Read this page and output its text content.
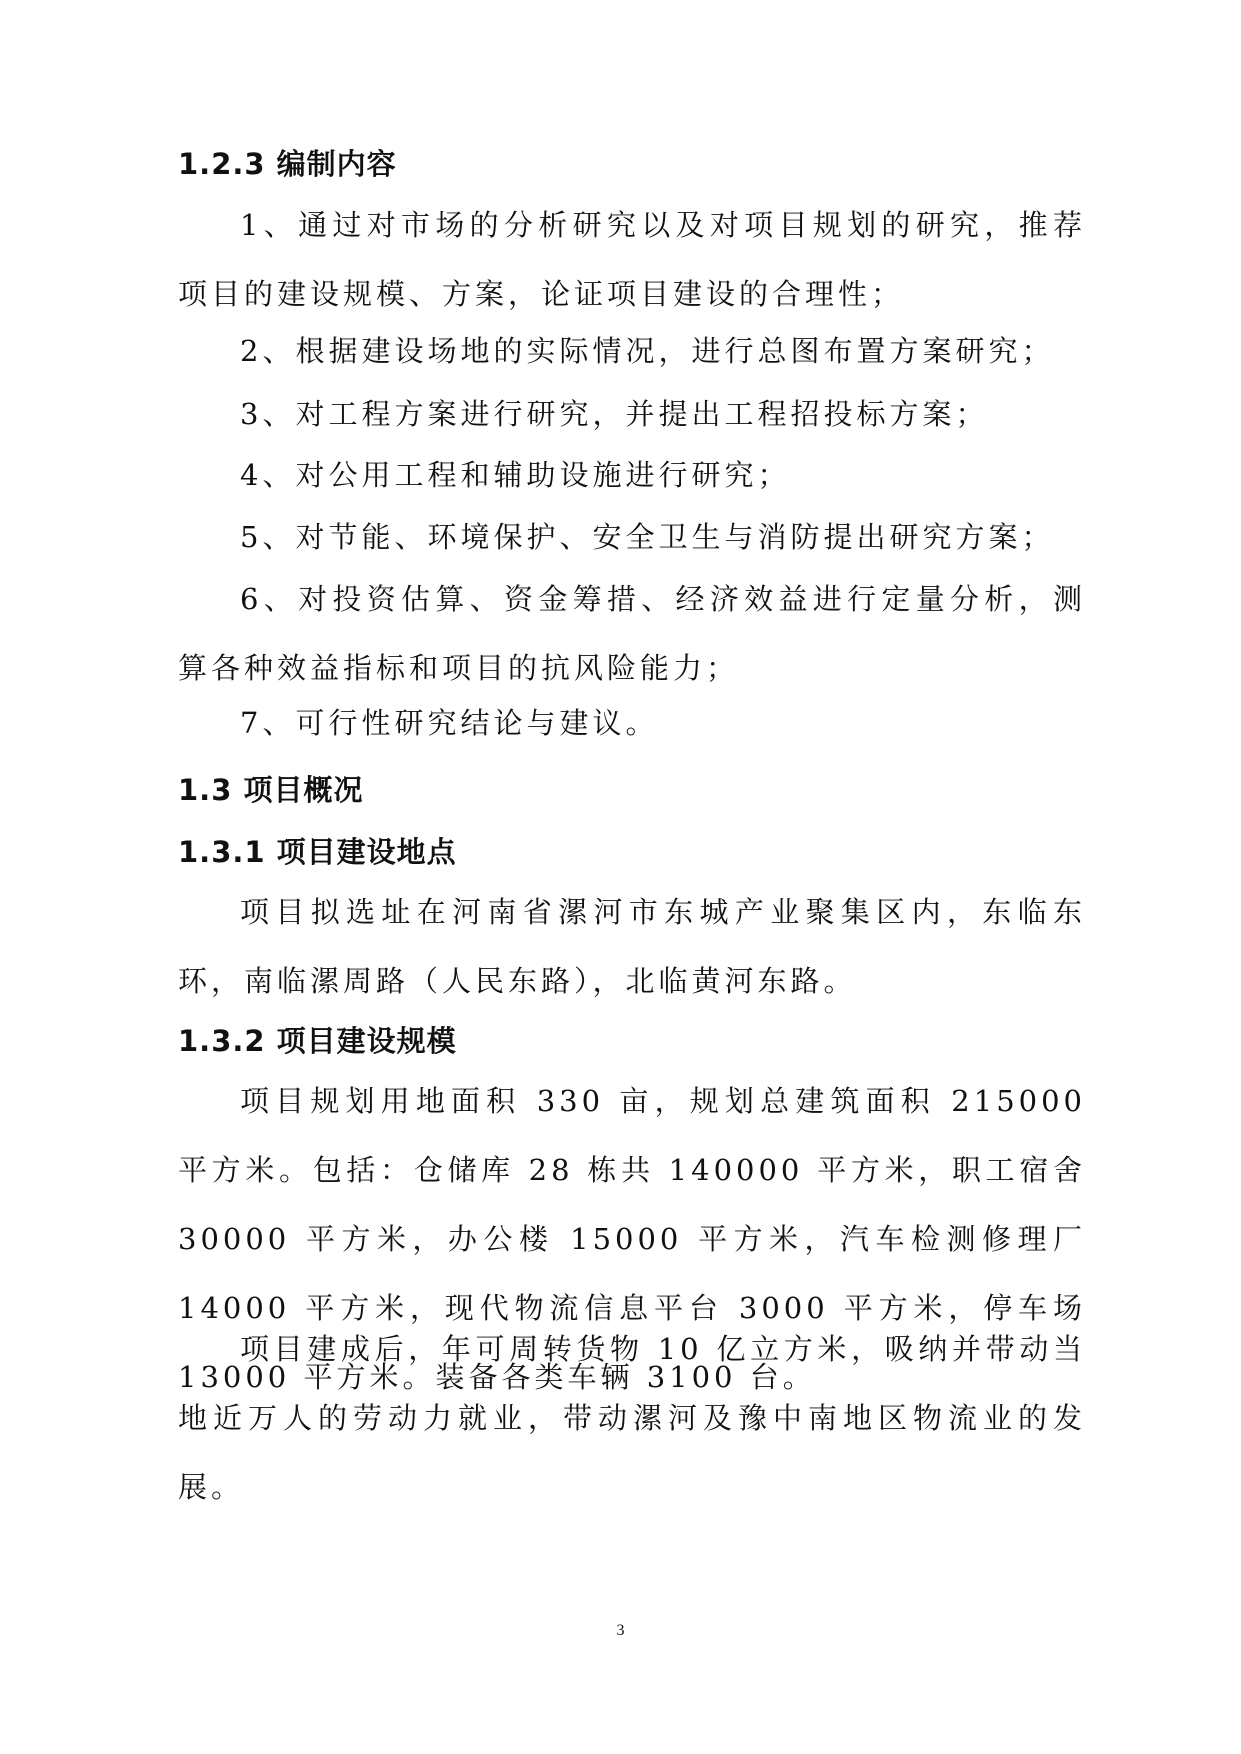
1.2.3 编制内容
1、通过对市场的分析研究以及对项目规划的研究，推荐项目的建设规模、方案，论证项目建设的合理性；
2、根据建设场地的实际情况，进行总图布置方案研究；
3、对工程方案进行研究，并提出工程招投标方案；
4、对公用工程和辅助设施进行研究；
5、对节能、环境保护、安全卫生与消防提出研究方案；
6、对投资估算、资金筹措、经济效益进行定量分析，测算各种效益指标和项目的抗风险能力；
7、可行性研究结论与建议。
1.3 项目概况
1.3.1 项目建设地点
项目拟选址在河南省漯河市东城产业聚集区内，东临东环，南临漯周路（人民东路），北临黄河东路。
1.3.2 项目建设规模
项目规划用地面积 330 亩，规划总建筑面积 215000 平方米。包括：仓储库 28 栋共 140000 平方米，职工宿舍 30000 平方米，办公楼 15000 平方米，汽车检测修理厂 14000 平方米，现代物流信息平台 3000 平方米，停车场 13000 平方米。装备各类车辆 3100 台。
项目建成后，年可周转货物 10 亿立方米，吸纳并带动当地近万人的劳动力就业，带动漯河及豫中南地区物流业的发展。
3
